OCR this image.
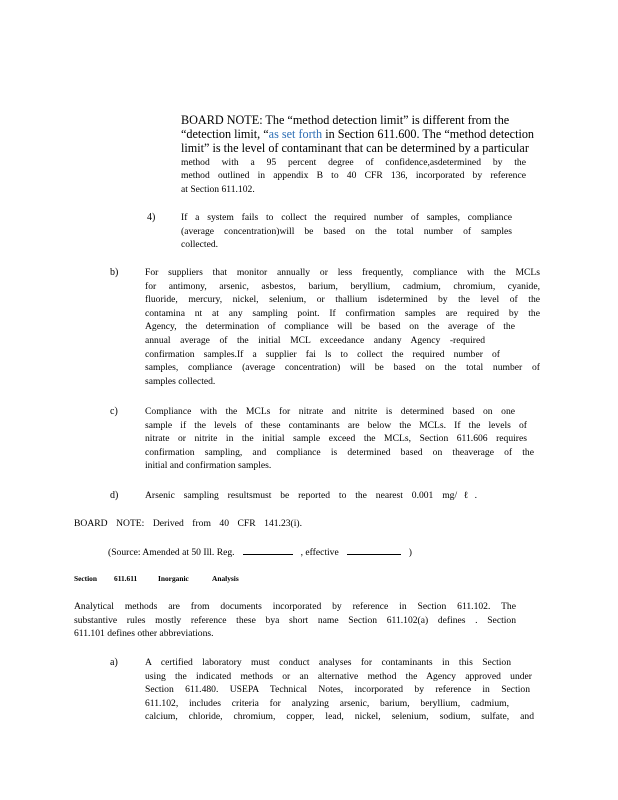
BOARD NOTE: The “method detection limit” is different from the
“detection limit, “as set forth in Section 611.600. The “method detection
limit” is the level of contaminant that can be determined by a particular
method with a 95 percent degree of confidence,asdetermined by the
method outlined in appendix B to 40 CFR 136, incorporated by reference
at Section 611.102.
4)	If a system fails to collect the required number of samples, compliance
(average concentration)will be based on the total number of samples
collected.
b)	For suppliers that monitor annually or less frequently, compliance with the MCLs
for antimony, arsenic, asbestos, barium, beryllium, cadmium, chromium, cyanide,
fluoride, mercury, nickel, selenium, or thallium isdetermined by the level of the
contamina nt at any sampling point. If confirmation samples are required by the
Agency, the determination of compliance will be based on the average of the
annual average of the initial MCL exceedance andany Agency -required
confirmation samples.If a supplier fai ls to collect the required number of
samples, compliance (average concentration) will be based on the total number of
samples collected.
c)	Compliance with the MCLs for nitrate and nitrite is determined based on one
sample if the levels of these contaminants are below the MCLs. If the levels of
nitrate or nitrite in the initial sample exceed the MCLs, Section 611.606 requires
confirmation sampling, and compliance is determined based on theaverage of the
initial and confirmation samples.
d)	Arsenic sampling resultsmust be reported to the nearest 0.001 mg/ℓ.
BOARD NOTE: Derived from 40 CFR 141.23(i).
(Source: Amended at 50 Ill. Reg.	, effective	)
Section 611.611	Inorganic	Analysis
Analytical methods are from documents incorporated by reference in Section 611.102. The
substantive rules mostly reference these bya short name Section 611.102(a) defines . Section
611.101 defines other abbreviations.
a)	A certified laboratory must conduct analyses for contaminants in this Section
using the indicated methods or an alternative method the Agency approved under
Section 611.480. USEPA Technical Notes, incorporated by reference in Section
611.102, includes criteria for analyzing arsenic, barium, beryllium, cadmium,
calcium, chloride, chromium, copper, lead, nickel, selenium, sodium, sulfate, and
